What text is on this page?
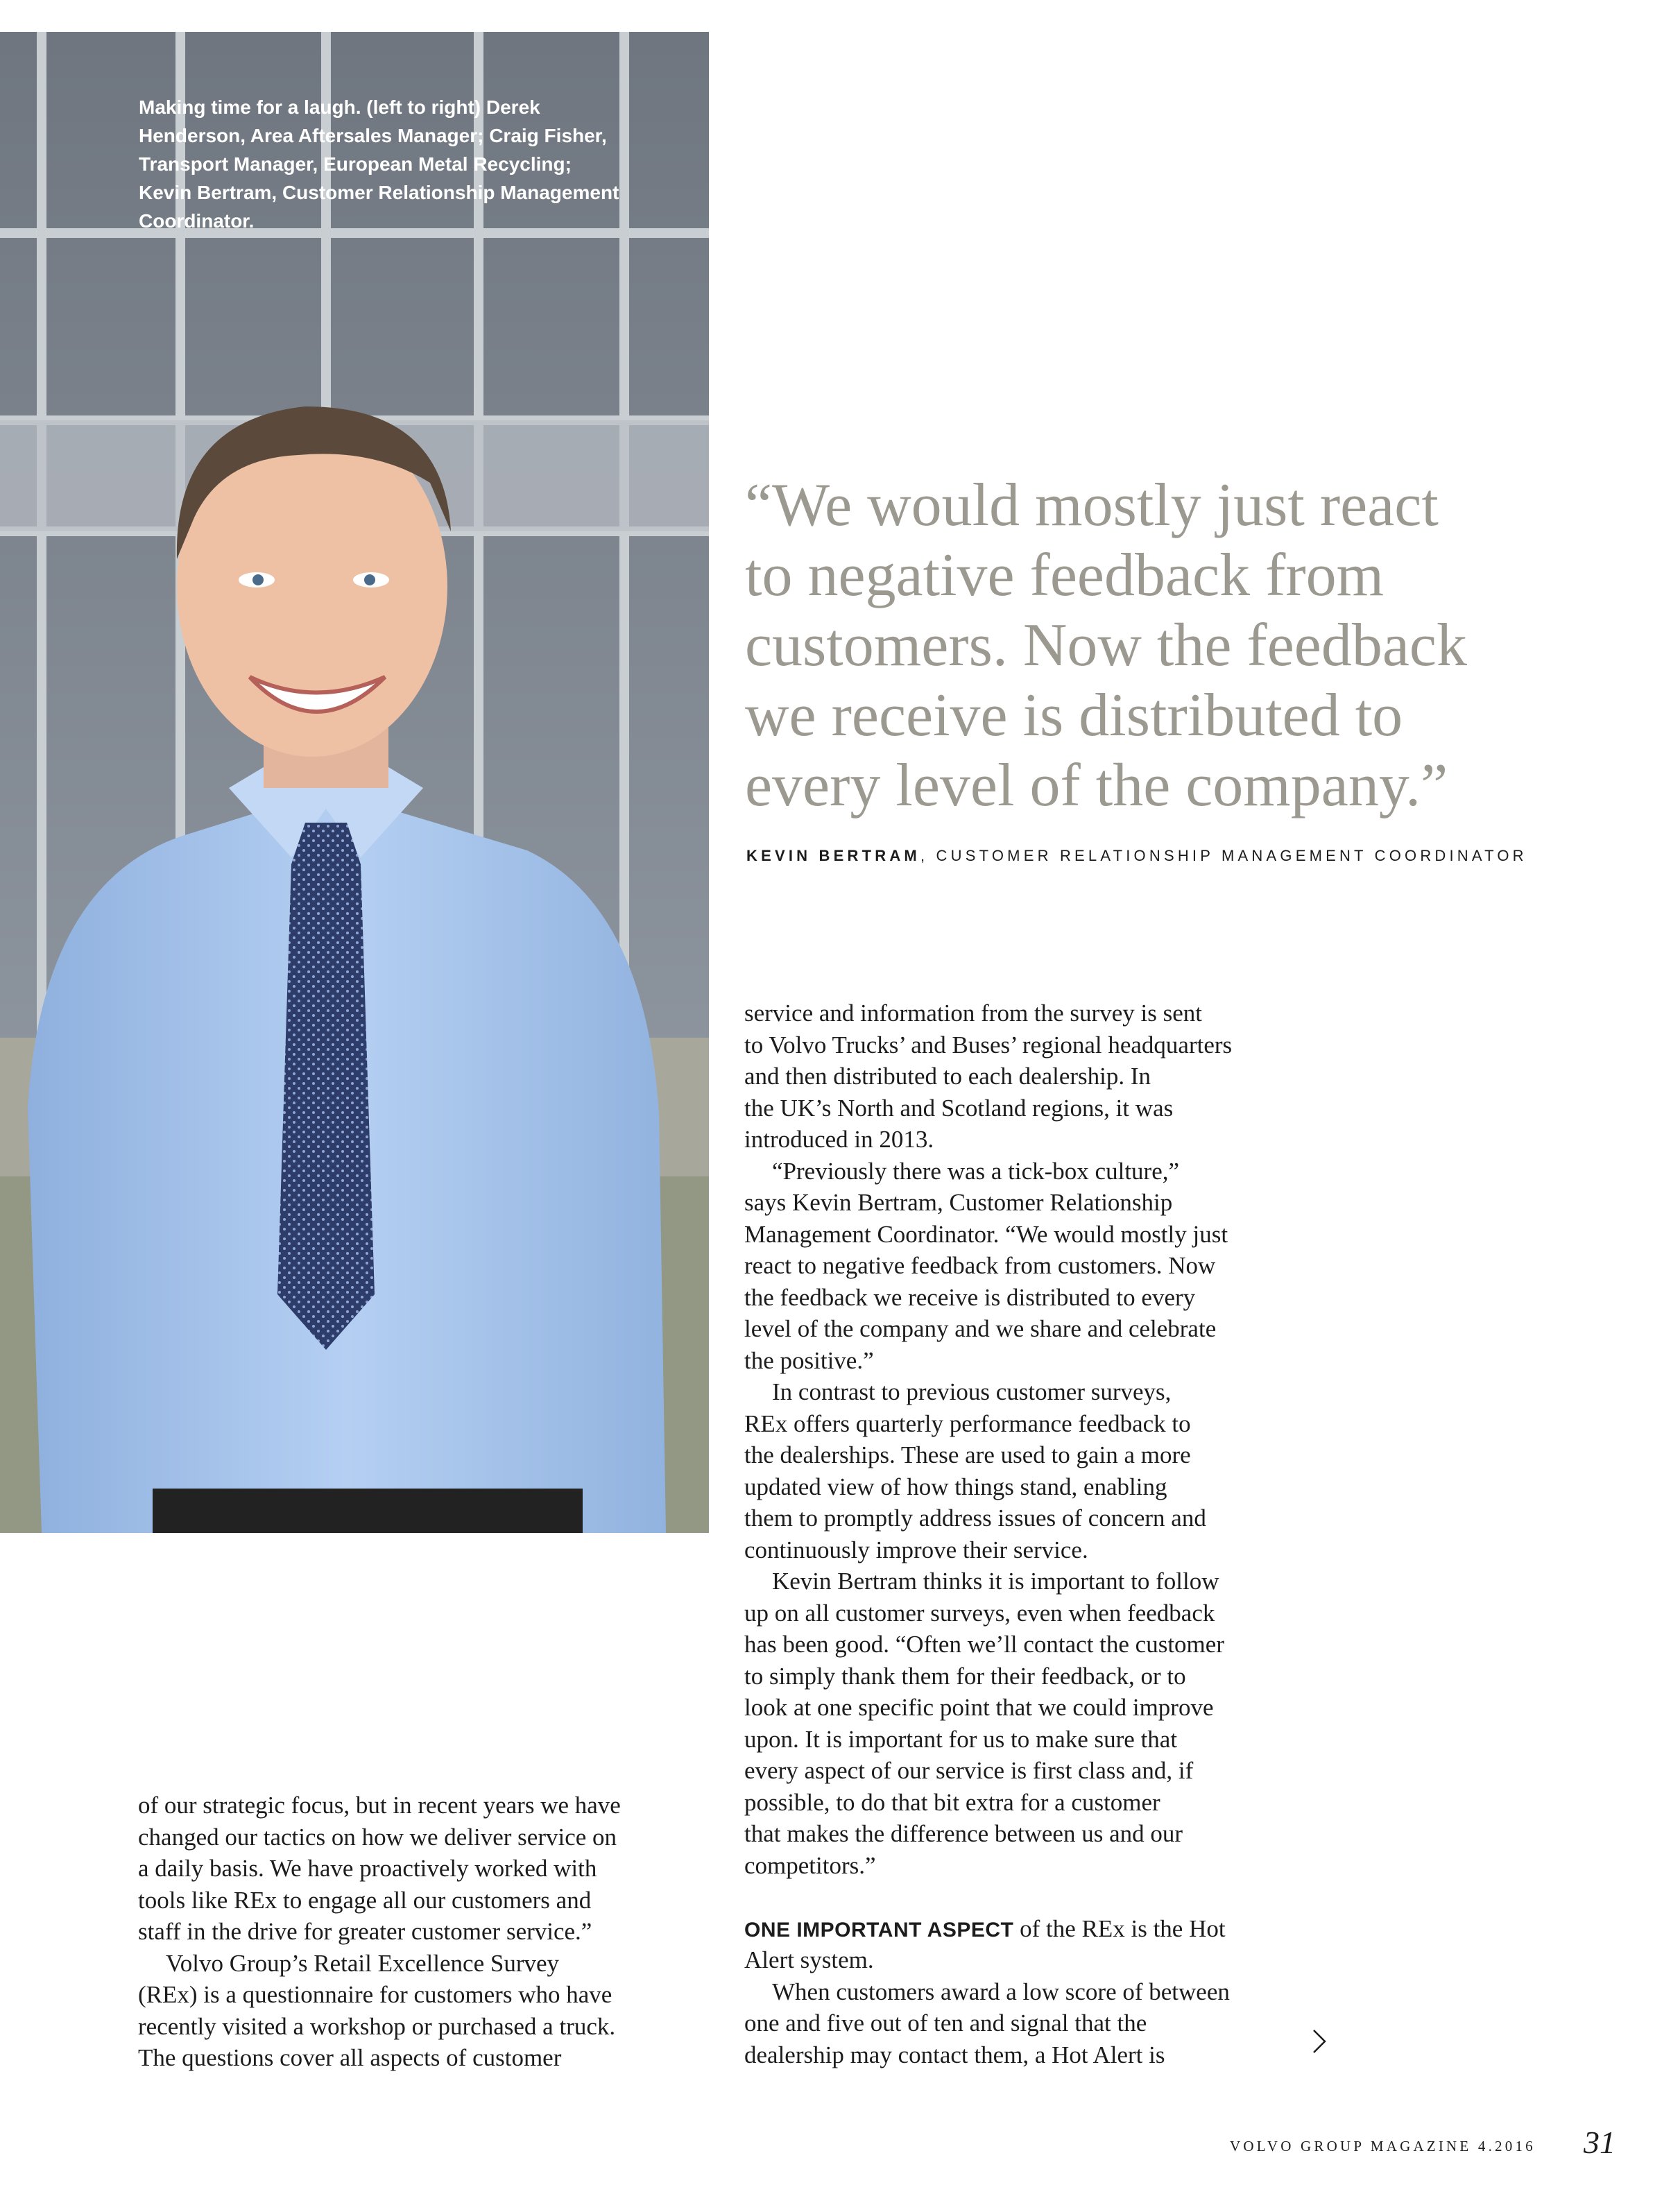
Making time for a laugh. (left to right) Derek
Henderson, Area Aftersales Manager; Craig Fisher,
Transport Manager, European Metal Recycling;
Kevin Bertram, Customer Relationship Management
Coordinator.

“We would mostly just react
to negative feedback from
customers. Now the feedback
we receive is distributed to
every level of the company.”

KEVIN BERTRAM, CUSTOMER RELATIONSHIP MANAGEMENT COORDINATOR

of our strategic focus, but in recent years we have
changed our tactics on how we deliver service on
a daily basis. We have proactively worked with
tools like REx to engage all our customers and
staff in the drive for greater customer service.”
Volvo Group’s Retail Excellence Survey
(REx) is a questionnaire for customers who have
recently visited a workshop or purchased a truck.
The questions cover all aspects of customer
service and information from the survey is sent
to Volvo Trucks’ and Buses’ regional headquarters
and then distributed to each dealership. In
the UK’s North and Scotland regions, it was
introduced in 2013.
“Previously there was a tick-box culture,”
says Kevin Bertram, Customer Relationship
Management Coordinator. “We would mostly just
react to negative feedback from customers. Now
the feedback we receive is distributed to every
level of the company and we share and celebrate
the positive.”
In contrast to previous customer surveys,
REx offers quarterly performance feedback to
the dealerships. These are used to gain a more
updated view of how things stand, enabling
them to promptly address issues of concern and
continuously improve their service.
Kevin Bertram thinks it is important to follow
up on all customer surveys, even when feedback
has been good. “Often we’ll contact the customer
to simply thank them for their feedback, or to
look at one specific point that we could improve
upon. It is important for us to make sure that
every aspect of our service is first class and, if
possible, to do that bit extra for a customer
that makes the difference between us and our
competitors.”
ONE IMPORTANT ASPECT of the REx is the Hot
Alert system.
When customers award a low score of between
one and five out of ten and signal that the
dealership may contact them, a Hot Alert is

VOLVO GROUP MAGAZINE 4.2016 31
